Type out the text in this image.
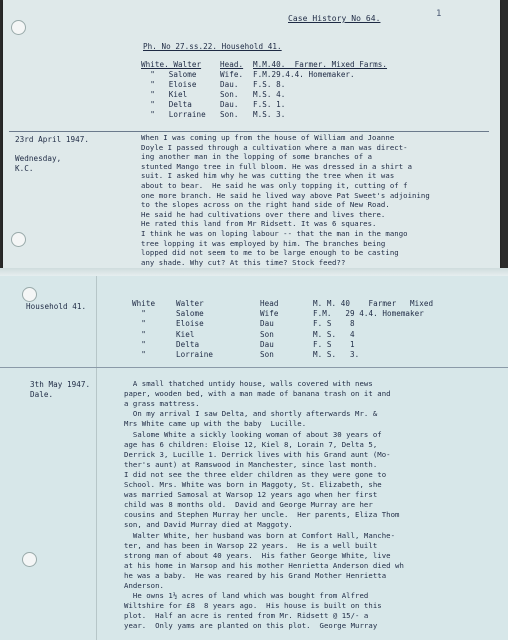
Case History No 64.	1
Ph. No 27.ss.22. Household 41.
White. Walter Head. M.M.40.  Farmer. Mixed Farms.
"   Salome	Wife. F.M.29.4.4. Homemaker.
"   Eloise	Dau. F.S. 8.
"   Kiel	Son. M.S. 4.
"   Delta	Dau. F.S. 1.
"   Lorraine Son. M.S. 3.
23rd April 1947.
Wednesday,
K.C.
When I was coming up from the house of William and Joanne
Doyle I passed through a cultivation where a man was direct-
ing another man in the lopping of some branches of a
stunted Mango tree in full bloom. He was dressed in a shirt a
suit. I asked him why he was cutting the tree when it was
about to bear.  He said he was only topping it, cutting of f
one more branch. He said he lived way above Pat Sweet's adjoining
to the slopes across on the right hand side of New Road.
He said he had cultivations over there and lives there.
He rated this land from Mr Ridsett. It was 6 squares.
I think he was on loping labour -- that the man in the mango
tree lopping it was employed by him. The branches being
lopped did not seem to me to be large enough to be casting
any shade. Why cut? At this time? Stock feed??
Household 41.	White	Walter	Head	M. M. 40    Farmer   Mixed
"	Salome	Wife	F.M.   29 4.4. Homemaker
"	Eloise	Dau	F. S    8
"	Kiel	Son	M. S.   4
"	Delta	Dau	F. S    1
"	Lorraine	Son	M. S.   3.
3th May 1947.
Dale.
A small thatched untidy house, walls covered with news
paper, wooden bed, with a man made of banana trash on it and
a grass mattress.
On my arrival I saw Delta, and shortly afterwards Mr. &
Mrs White came up with the baby  Lucille.
Salome White a sickly looking woman of about 30 years of
age has 6 children: Eloise 12, Kiel 8, Lorain 7, Delta 5,
Derrick 3, Lucille 1. Derrick lives with his Grand aunt (Mo-
ther's aunt) at Ramswood in Manchester, since last month.
I did not see the three elder children as they were gone to
School. Mrs. White was born in Maggoty, St. Elizabeth, she
was married Samosal at Warsop 12 years ago when her first
child was 8 months old.  David and George Murray are her
cousins and Stephen Murray her uncle.  Her parents, Eliza Thom
son, and David Murray died at Maggoty.
Walter White, her husband was born at Comfort Hall, Manche-
ter, and has been in Warsop 22 years.  He is a well built
strong man of about 40 years.  His father George White, live
at his home in Warsop and his mother Henrietta Anderson died wh
he was a baby.  He was reared by his Grand Mother Henrietta
Anderson.
He owns 1½ acres of land which was bought from Alfred
Wiltshire for £8  8 years ago.  His house is built on this
plot.  Half an acre is rented from Mr. Ridsett @ 15/- a
year.  Only yams are planted on this plot.  George Murray
